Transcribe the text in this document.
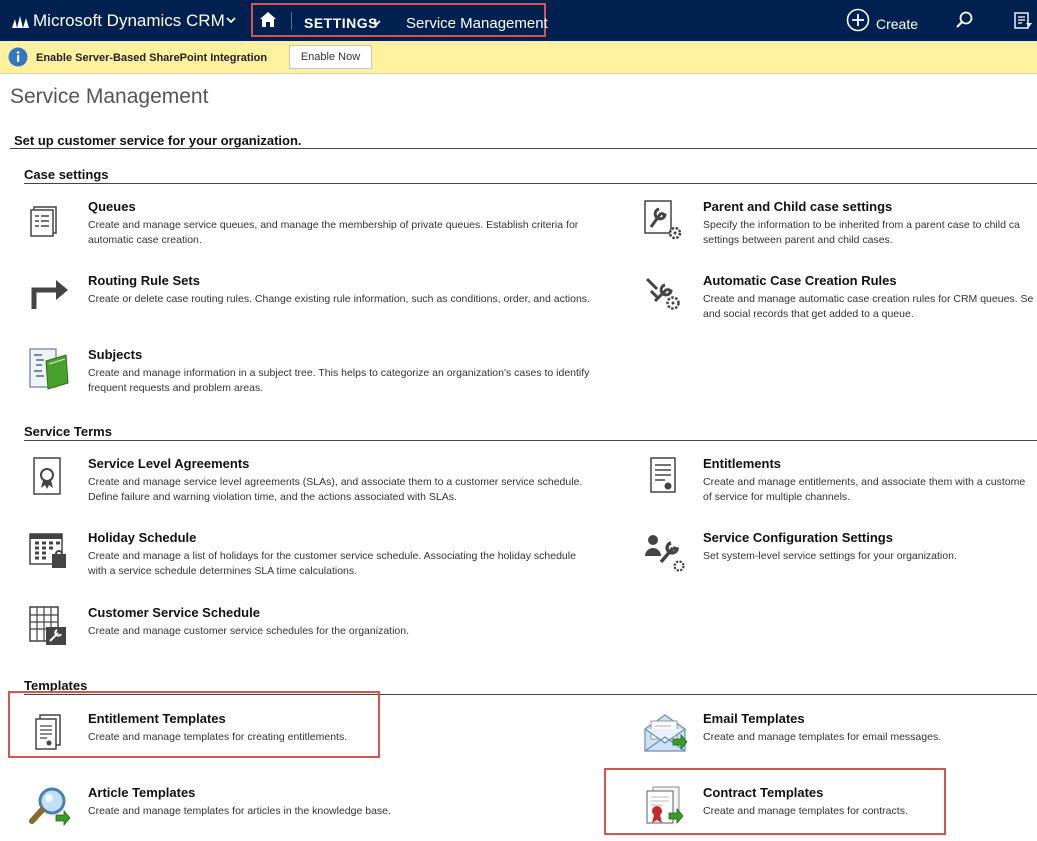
Microsoft Dynamics CRM	SETTINGS Service Management	Create
Enable Server-Based SharePoint Integration	Enable Now
Service Management
Set up customer service for your organization.
Case settings
Queues
Create and manage service queues, and manage the membership of private queues. Establish criteria for
automatic case creation.
Parent and Child case settings
Specify the information to be inherited from a parent case to child ca
settings between parent and child cases.
Routing Rule Sets
Create or delete case routing rules. Change existing rule information, such as conditions, order, and actions.
Automatic Case Creation Rules
Create and manage automatic case creation rules for CRM queues. Se
and social records that get added to a queue.
Subjects
Create and manage information in a subject tree. This helps to categorize an organization's cases to identify
frequent requests and problem areas.
Service Terms
Service Level Agreements
Create and manage service level agreements (SLAs), and associate them to a customer service schedule.
Define failure and warning violation time, and the actions associated with SLAs.
Entitlements
Create and manage entitlements, and associate them with a custome
of service for multiple channels.
Holiday Schedule
Create and manage a list of holidays for the customer service schedule. Associating the holiday schedule
with a service schedule determines SLA time calculations.
Service Configuration Settings
Set system-level service settings for your organization.
Customer Service Schedule
Create and manage customer service schedules for the organization.
Templates
Entitlement Templates
Create and manage templates for creating entitlements.
Email Templates
Create and manage templates for email messages.
Article Templates
Create and manage templates for articles in the knowledge base.
Contract Templates
Create and manage templates for contracts.
